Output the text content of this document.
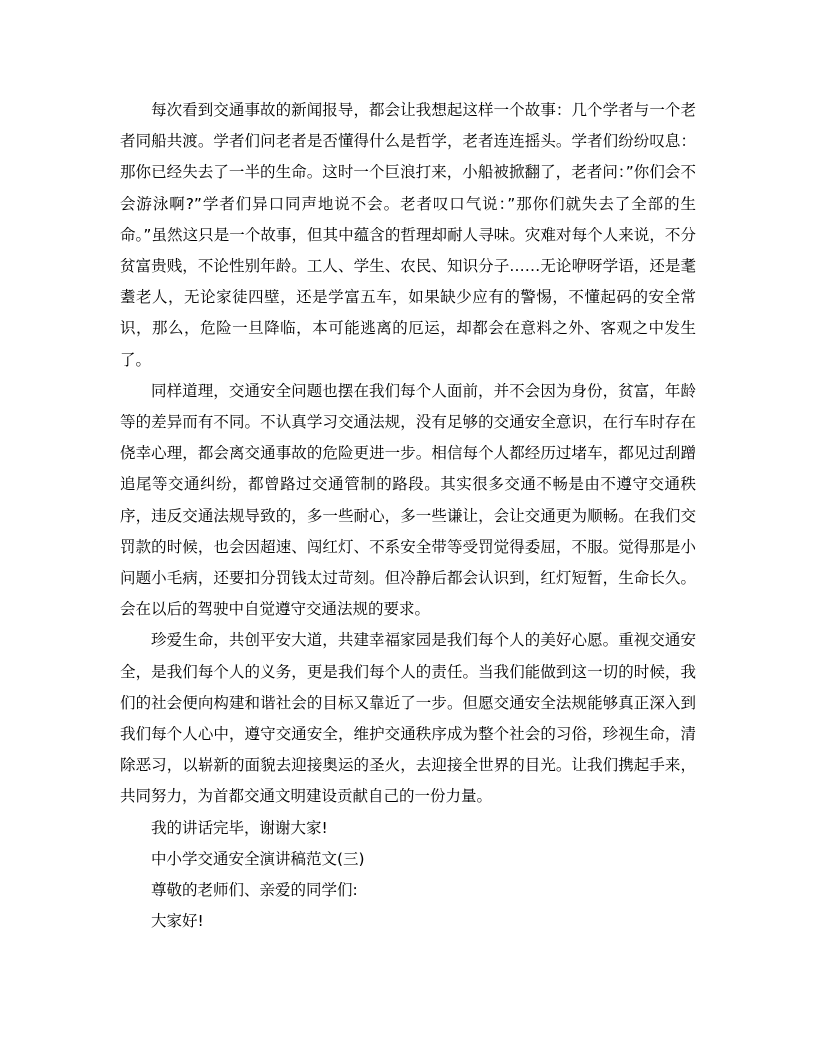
每次看到交通事故的新闻报导，都会让我想起这样一个故事：几个学者与一个老者同船共渡。学者们问老者是否懂得什么是哲学，老者连连摇头。学者们纷纷叹息：那你已经失去了一半的生命。这时一个巨浪打来，小船被掀翻了，老者问：”你们会不会游泳啊?”学者们异口同声地说不会。老者叹口气说：”那你们就失去了全部的生命。”虽然这只是一个故事，但其中蕴含的哲理却耐人寻味。灾难对每个人来说，不分贫富贵贱，不论性别年龄。工人、学生、农民、知识分子……无论咿呀学语，还是耄耋老人，无论家徒四壁，还是学富五车，如果缺少应有的警惕，不懂起码的安全常识，那么，危险一旦降临，本可能逃离的厄运，却都会在意料之外、客观之中发生了。

同样道理，交通安全问题也摆在我们每个人面前，并不会因为身份，贫富，年龄等的差异而有不同。不认真学习交通法规，没有足够的交通安全意识，在行车时存在侥幸心理，都会离交通事故的危险更进一步。相信每个人都经历过堵车，都见过刮蹭追尾等交通纠纷，都曾路过交通管制的路段。其实很多交通不畅是由不遵守交通秩序，违反交通法规导致的，多一些耐心，多一些谦让，会让交通更为顺畅。在我们交罚款的时候，也会因超速、闯红灯、不系安全带等受罚觉得委屈，不服。觉得那是小问题小毛病，还要扣分罚钱太过苛刻。但冷静后都会认识到，红灯短暂，生命长久。会在以后的驾驶中自觉遵守交通法规的要求。

珍爱生命，共创平安大道，共建幸福家园是我们每个人的美好心愿。重视交通安全，是我们每个人的义务，更是我们每个人的责任。当我们能做到这一切的时候，我们的社会便向构建和谐社会的目标又靠近了一步。但愿交通安全法规能够真正深入到我们每个人心中，遵守交通安全，维护交通秩序成为整个社会的习俗，珍视生命，清除恶习，以崭新的面貌去迎接奥运的圣火，去迎接全世界的目光。让我们携起手来，共同努力，为首都交通文明建设贡献自己的一份力量。

我的讲话完毕，谢谢大家!

中小学交通安全演讲稿范文(三)

尊敬的老师们、亲爱的同学们:

大家好!
